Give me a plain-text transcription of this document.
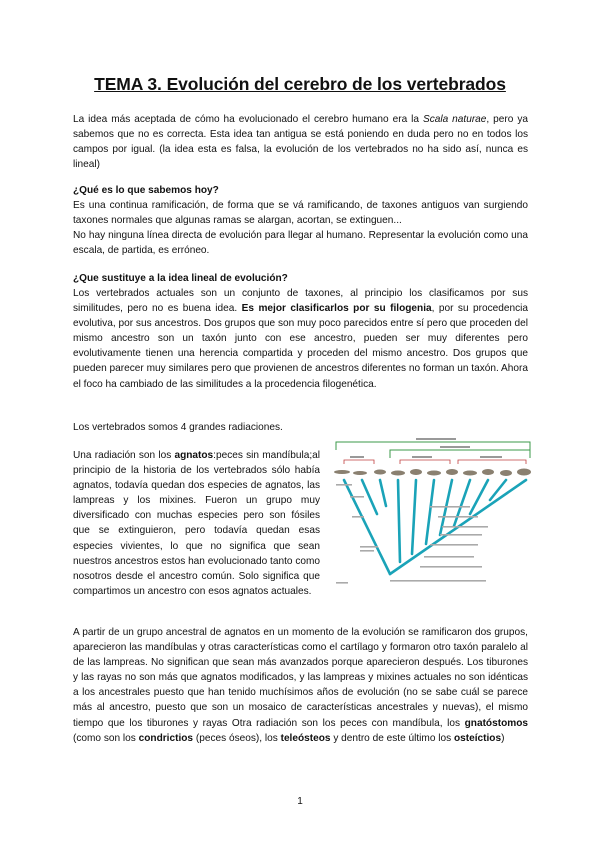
TEMA 3. Evolución del cerebro de los vertebrados

La idea más aceptada de cómo ha evolucionado el cerebro humano era la Scala naturae, pero ya sabemos que no es correcta. Esta idea tan antigua se está poniendo en duda pero no en todos los campos por igual. (la idea esta es falsa, la evolución de los vertebrados no ha sido así, nunca es lineal)

¿Qué es lo que sabemos hoy?

Es una continua ramificación, de forma que se vá ramificando, de taxones antiguos van surgiendo taxones normales que algunas ramas se alargan, acortan, se extinguen...

No hay ninguna línea directa de evolución para llegar al humano. Representar la evolución como una escala, de partida, es erróneo.

¿Que sustituye a la idea lineal de evolución?

Los vertebrados actuales son un conjunto de taxones, al principio los clasificamos por sus similitudes, pero no es buena idea. Es mejor clasificarlos por su filogenia, por su procedencia evolutiva, por sus ancestros. Dos grupos que son muy poco parecidos entre sí pero que proceden del mismo ancestro son un taxón junto con ese ancestro, pueden ser muy diferentes pero evolutivamente tienen una herencia compartida y proceden del mismo ancestro. Dos grupos que pueden parecer muy similares pero que provienen de ancestros diferentes no forman un taxón. Ahora el foco ha cambiado de las similitudes a la procedencia filogenética.

Los vertebrados somos 4 grandes radiaciones.

Una radiación son los agnatos:peces sin mandíbula;al principio de la historia de los vertebrados sólo había agnatos, todavía quedan dos especies de agnatos, las lampreas y los mixines. Fueron un grupo muy diversificado con muchas especies pero son fósiles que se extinguieron, pero todavía quedan esas especies vivientes, lo que no significa que sean nuestros ancestros estos han evolucionado tanto como nosotros desde el ancestro común. Solo significa que compartimos un ancestro con esos agnatos actuales.

A partir de un grupo ancestral de agnatos en un momento de la evolución se ramificaron dos grupos, aparecieron las mandíbulas y otras características como el cartílago y formaron otro taxón paralelo al de las lampreas. No significan que sean más avanzados porque aparecieron después. Los tiburones y las rayas no son más que agnatos modificados, y las lampreas y mixines actuales no son idénticas a los ancestrales puesto que han tenido muchísimos años de evolución (no se sabe cuál se parece más al ancestro, puesto que son un mosaico de características ancestrales y nuevas), el mismo tiempo que los tiburones y rayas Otra radiación son los peces con mandíbula, los gnatóstomos (como son los condrictios (peces óseos), los teleósteos y dentro de este último los osteíctios)

1
